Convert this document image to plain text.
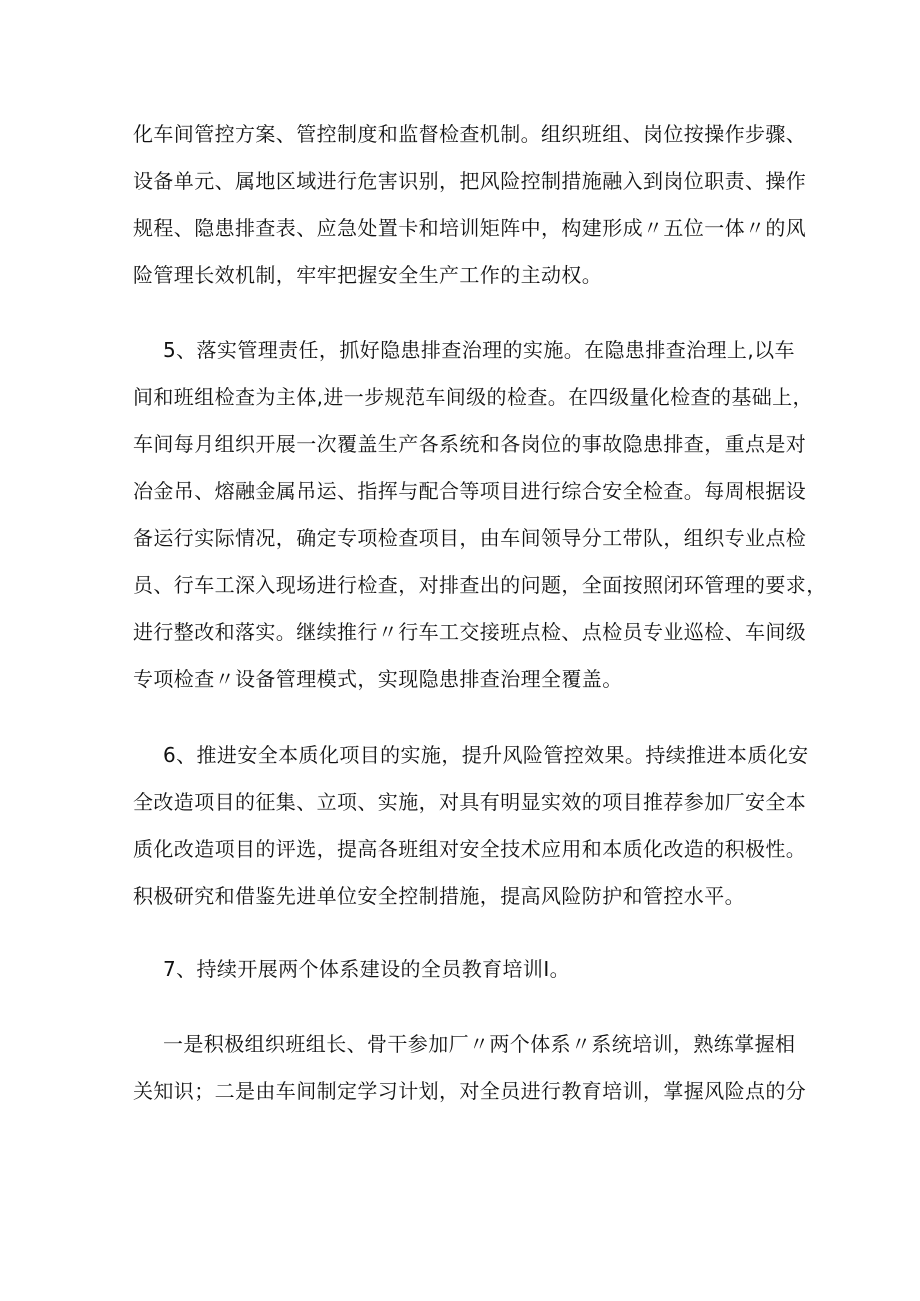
化车间管控方案、管控制度和监督检查机制。组织班组、岗位按操作步骤、
设备单元、属地区域进行危害识别，把风险控制措施融入到岗位职责、操作
规程、隐患排查表、应急处置卡和培训矩阵中，构建形成〃五位一体〃的风
险管理长效机制，牢牢把握安全生产工作的主动权。
5、落实管理责任，抓好隐患排查治理的实施。在隐患排查治理上,以车
间和班组检查为主体,进一步规范车间级的检查。在四级量化检查的基础上，
车间每月组织开展一次覆盖生产各系统和各岗位的事故隐患排查，重点是对
冶金吊、熔融金属吊运、指挥与配合等项目进行综合安全检查。每周根据设
备运行实际情况，确定专项检查项目，由车间领导分工带队，组织专业点检
员、行车工深入现场进行检查，对排查出的问题，全面按照闭环管理的要求，
进行整改和落实。继续推行〃行车工交接班点检、点检员专业巡检、车间级
专项检查〃设备管理模式，实现隐患排查治理全覆盖。
6、推进安全本质化项目的实施，提升风险管控效果。持续推进本质化安
全改造项目的征集、立项、实施，对具有明显实效的项目推荐参加厂安全本
质化改造项目的评选，提高各班组对安全技术应用和本质化改造的积极性。
积极研究和借鉴先进单位安全控制措施，提高风险防护和管控水平。
7、持续开展两个体系建设的全员教育培训Ⅰ。
一是积极组织班组长、骨干参加厂〃两个体系〃系统培训，熟练掌握相
关知识；二是由车间制定学习计划，对全员进行教育培训，掌握风险点的分
